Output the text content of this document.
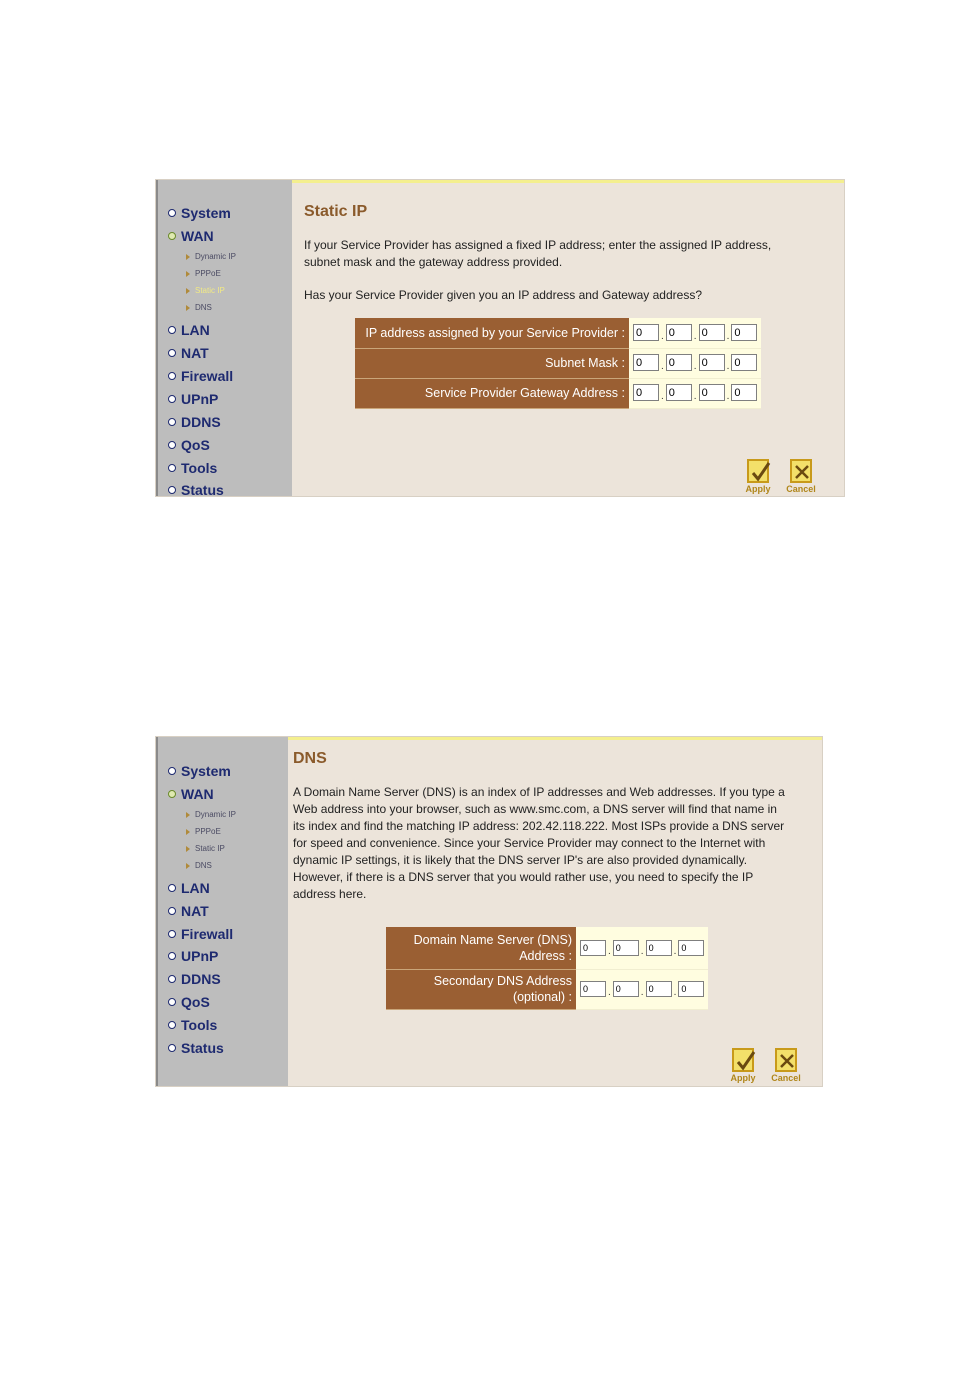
System
WAN
Dynamic IP
PPPoE
Static IP
DNS
LAN
NAT
Firewall
UPnP
DDNS
QoS
Tools
Status
Static IP
If your Service Provider has assigned a fixed IP address; enter the assigned IP address,
subnet mask and the gateway address provided.
Has your Service Provider given you an IP address and Gateway address?
IP address assigned by your Service Provider :	0.0 .0 .0
Subnet Mask :	0.0 .0 .0
Service Provider Gateway Address :	0.0 .0 .0
Apply Cancel
System
WAN
Dynamic IP
PPPoE
Static IP
DNS
LAN
NAT
Firewall
UPnP
DDNS
QoS
Tools
Status
DNS
A Domain Name Server (DNS) is an index of IP addresses and Web addresses. If you type a
Web address into your browser, such as www.smc.com, a DNS server will find that name in
its index and find the matching IP address: 202.42.118.222. Most ISPs provide a DNS server
for speed and convenience. Since your Service Provider may connect to the Internet with
dynamic IP settings, it is likely that the DNS server IP's are also provided dynamically.
However, if there is a DNS server that you would rather use, you need to specify the IP
address here.
Domain Name Server (DNS)
Address :
	0.0 .0 .0

Secondary DNS Address
(optional) :
	0.0 .0 .0
Apply Cancel
